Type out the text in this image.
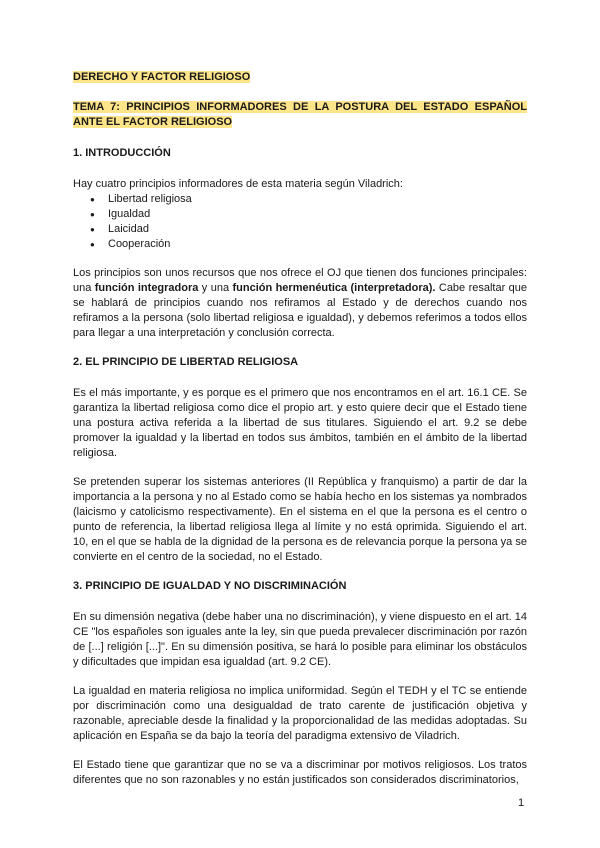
DERECHO Y FACTOR RELIGIOSO
TEMA 7: PRINCIPIOS INFORMADORES DE LA POSTURA DEL ESTADO ESPAÑOL ANTE EL FACTOR RELIGIOSO
1. INTRODUCCIÓN

Hay cuatro principios informadores de esta materia según Viladrich:

● Libertad religiosa
● Igualdad
● Laicidad
● Cooperación

Los principios son unos recursos que nos ofrece el OJ que tienen dos funciones principales: una función integradora y una función hermenéutica (interpretadora). Cabe resaltar que se hablará de principios cuando nos refiramos al Estado y de derechos cuando nos refiramos a la persona (solo libertad religiosa e igualdad), y debemos referimos a todos ellos para llegar a una interpretación y conclusión correcta.

2. EL PRINCIPIO DE LIBERTAD RELIGIOSA

Es el más importante, y es porque es el primero que nos encontramos en el art. 16.1 CE. Se garantiza la libertad religiosa como dice el propio art. y esto quiere decir que el Estado tiene una postura activa referida a la libertad de sus titulares. Siguiendo el art. 9.2 se debe promover la igualdad y la libertad en todos sus ámbitos, también en el ámbito de la libertad religiosa.

Se pretenden superar los sistemas anteriores (II República y franquismo) a partir de dar la importancia a la persona y no al Estado como se había hecho en los sistemas ya nombrados (laicismo y catolicismo respectivamente). En el sistema en el que la persona es el centro o punto de referencia, la libertad religiosa llega al límite y no está oprimida. Siguiendo el art. 10, en el que se habla de la dignidad de la persona es de relevancia porque la persona ya se convierte en el centro de la sociedad, no el Estado.

3. PRINCIPIO DE IGUALDAD Y NO DISCRIMINACIÓN

En su dimensión negativa (debe haber una no discriminación), y viene dispuesto en el art. 14 CE "los españoles son iguales ante la ley, sin que pueda prevalecer discriminación por razón de [...] religión [...]". En su dimensión positiva, se hará lo posible para eliminar los obstáculos y dificultades que impidan esa igualdad (art. 9.2 CE).

La igualdad en materia religiosa no implica uniformidad. Según el TEDH y el TC se entiende por discriminación como una desigualdad de trato carente de justificación objetiva y razonable, apreciable desde la finalidad y la proporcionalidad de las medidas adoptadas. Su aplicación en España se da bajo la teoría del paradigma extensivo de Viladrich.

El Estado tiene que garantizar que no se va a discriminar por motivos religiosos. Los tratos diferentes que no son razonables y no están justificados son considerados discriminatorios,

1
